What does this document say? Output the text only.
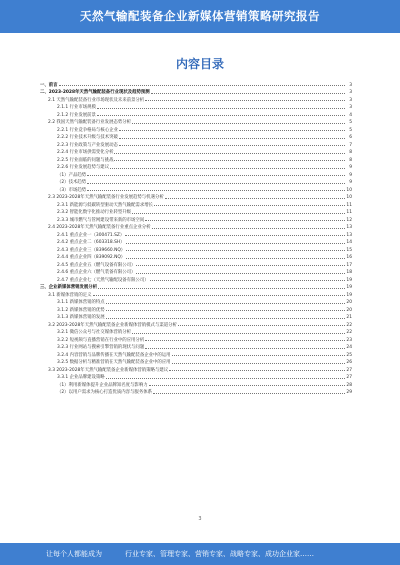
天然气输配装备企业新媒体营销策略研究报告
内容目录
一、前言	3
二、2023-2028年天然气输配装备行业现状及趋势预测	3
2.1 天然气输配装备行业市场现状及未来前景分析	3
2.1.1 行业市场规模	3
2.1.2 行业发展前景	4
2.2 我国天然气输配装备行业发展态势分析	5
2.2.1 行业竞争格局与核心企业	5
2.2.2 行业技术升级与技术突破	6
2.2.3 行业政策与产业发展动态	7
2.2.4 行业市场供需变化分析	8
2.2.5 行业面临的问题与挑战	8
2.2.6 行业发展趋势与建议	9
（1）产品趋势	9
（2）技术趋势	9
（3）市场趋势	10
2.3 2023-2028年天然气输配装备行业发展趋势与机遇分析	10
2.3.1 新能源与低碳转型驱动天然气输配需求增长	11
2.3.2 智能化数字化推动行业转型升级	11
2.3.3 城市燃气与管网建设带来新的市场空间	12
2.4 2023-2028年天然气输配装备行业重点企业分析	13
2.4.1 重点企业一（300471.SZ）	13
2.4.2 重点企业二（603318.SH）	14
2.4.3 重点企业三（839660.NQ）	15
2.4.4 重点企业四（839092.NQ）	16
2.4.5 重点企业五（燃气设备有限公司）	17
2.4.6 重点企业六（燃气装备有限公司）	18
2.4.7 重点企业七（天然气输配设备有限公司）	19
三、企业新媒体营销发展分析	19
3.1 新媒体营销的定义	19
3.1.1 新媒体营销的特点	20
3.1.2 新媒体营销的优势	20
3.1.3 新媒体营销的发展	21
3.2 2023-2028年天然气输配装备企业新媒体营销模式与渠道分析	22
3.2.1 微信公众号与社交媒体营销分析	22
3.2.2 短视频与直播营销在行业中的应用分析	23
3.2.3 行业网站与搜索引擎营销的现状与问题	24
3.2.4 内容营销与品牌传播在天然气输配装备企业中的运用	25
3.2.5 数据分析与精准营销在天然气输配装备企业中的应用	26
3.3 2023-2028年天然气输配装备企业新媒体营销策略与建议	27
3.3.1 企业品牌建设策略	27
（1）利用新媒体提升企业品牌知名度与影响力	28
（2）以用户需求为核心打造优质内容与服务体系	29
3
让每个人都能成为	行业专家、管理专家、营销专家、战略专家、成功企业家……
